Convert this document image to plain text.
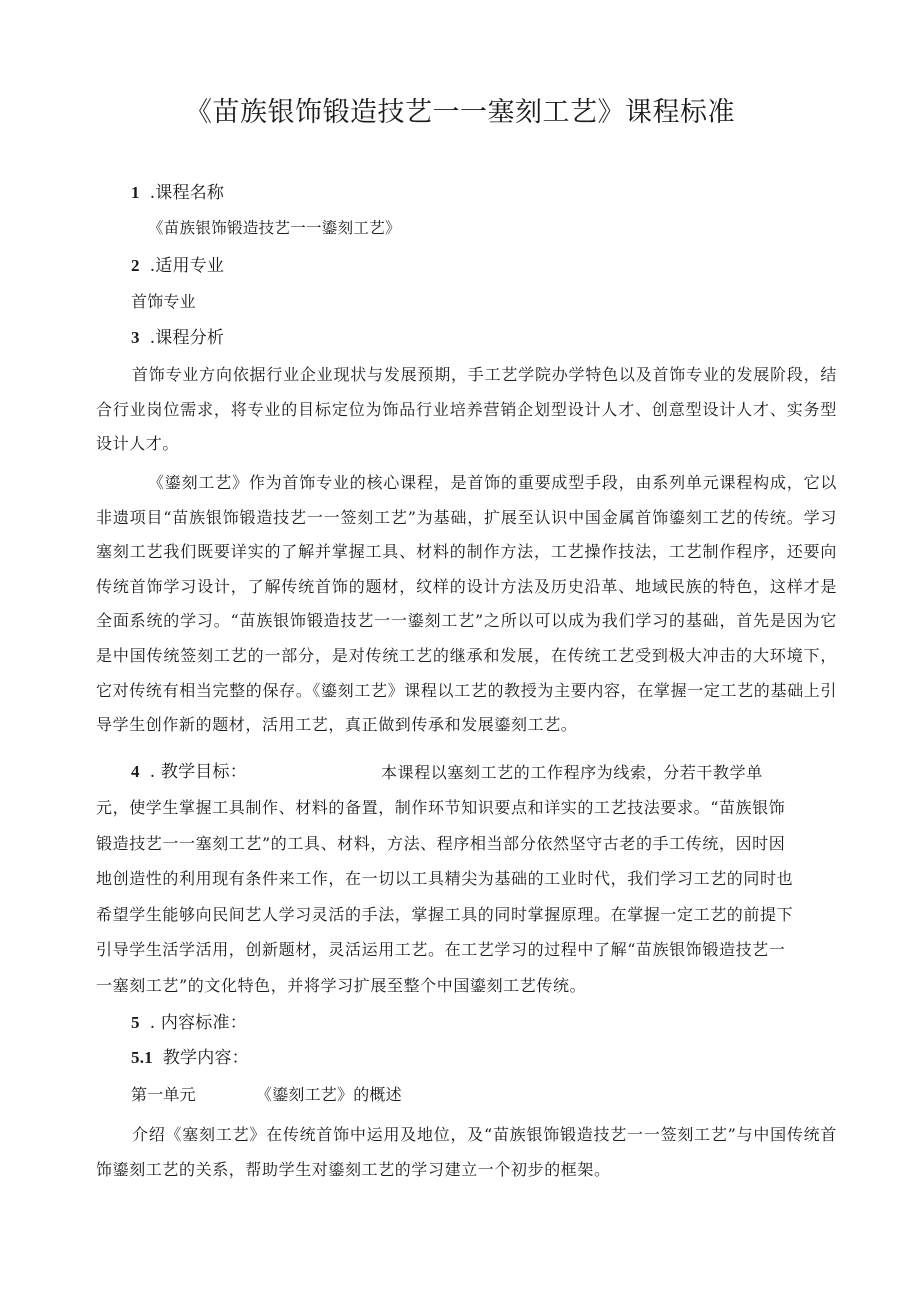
《苗族银饰锻造技艺一一塞刻工艺》课程标准
1 .课程名称
《苗族银饰锻造技艺一一鎏刻工艺》
2 .适用专业
首饰专业
3 .课程分析
首饰专业方向依据行业企业现状与发展预期，手工艺学院办学特色以及首饰专业的发展阶段，结合行业岗位需求，将专业的目标定位为饰品行业培养营销企划型设计人才、创意型设计人才、实务型设计人才。
《鎏刻工艺》作为首饰专业的核心课程，是首饰的重要成型手段，由系列单元课程构成，它以非遗项目“苗族银饰锻造技艺一一签刻工艺”为基础，扩展至认识中国金属首饰鎏刻工艺的传统。学习塞刻工艺我们既要详实的了解并掌握工具、材料的制作方法，工艺操作技法，工艺制作程序，还要向传统首饰学习设计，了解传统首饰的题材，纹样的设计方法及历史沿革、地域民族的特色，这样才是全面系统的学习。“苗族银饰锻造技艺一一鎏刻工艺”之所以可以成为我们学习的基础，首先是因为它是中国传统签刻工艺的一部分，是对传统工艺的继承和发展，在传统工艺受到极大冲击的大环境下，它对传统有相当完整的保存。《鎏刻工艺》课程以工艺的教授为主要内容，在掌握一定工艺的基础上引导学生创作新的题材，活用工艺，真正做到传承和发展鎏刻工艺。
4 . 教学目标：	本课程以塞刻工艺的工作程序为线索，分若干教学单
元，使学生掌握工具制作、材料的备置，制作环节知识要点和详实的工艺技法要求。“苗族银饰
锻造技艺一一塞刻工艺”的工具、材料，方法、程序相当部分依然坚守古老的手工传统，因时因
地创造性的利用现有条件来工作，在一切以工具精尖为基础的工业时代，我们学习工艺的同时也
希望学生能够向民间艺人学习灵活的手法，掌握工具的同时掌握原理。在掌握一定工艺的前提下
引导学生活学活用，创新题材，灵活运用工艺。在工艺学习的过程中了解“苗族银饰锻造技艺一
一塞刻工艺”的文化特色，并将学习扩展至整个中国鎏刻工艺传统。
5 . 内容标准：
5.1 教学内容：
第一单元	《鎏刻工艺》的概述
介绍《塞刻工艺》在传统首饰中运用及地位，及“苗族银饰锻造技艺一一签刻工艺”与中国传统首饰鎏刻工艺的关系，帮助学生对鎏刻工艺的学习建立一个初步的框架。
